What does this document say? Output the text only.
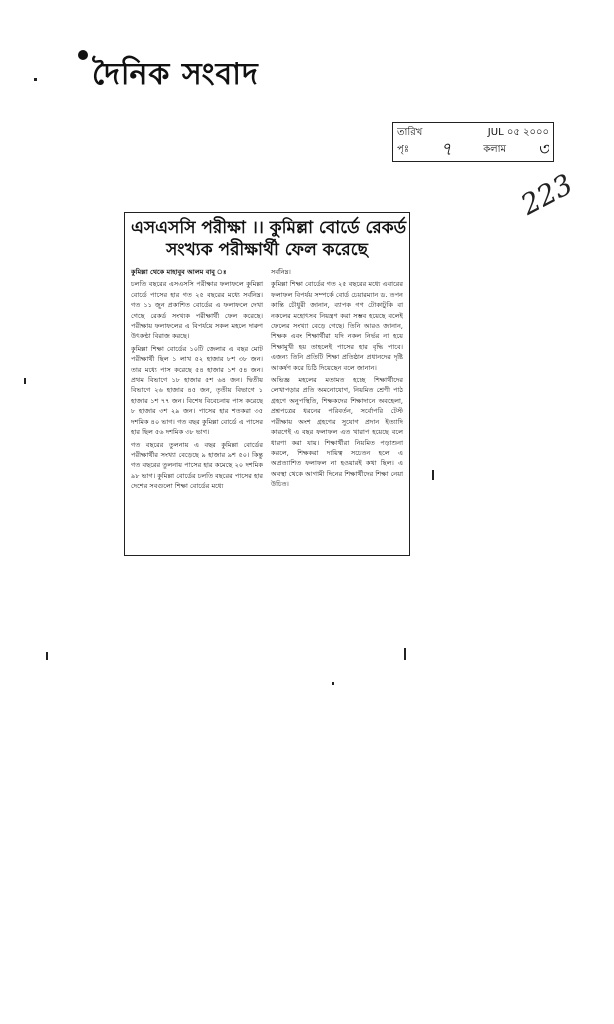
দৈনিক সংবাদ
তারিখ	JUL ০৫ ২০০০
পৃঃ ৭	কলাম ৩
223
এসএসসি পরীক্ষা ।। কুমিল্লা বোর্ডে রেকর্ড
সংখ্যক পরীক্ষার্থী ফেল করেছে

কুমিল্লা থেকে মাহাবুব আলম বাবু ঃ

চলতি বছরের এসএসসি পরীক্ষার ফলাফলে কুমিল্লা বোর্ডে পাসের হার গত ২৫ বছরের মধ্যে সর্বনিম্ন। গত ১১ জুন প্রকাশিত বোর্ডের এ ফলাফলে দেখা গেছে রেকর্ড সংখ্যক পরীক্ষার্থী ফেল করেছে। পরীক্ষায় ফলাফলের এ বিপর্যয়ে সকল মহলে দারুণ উৎকণ্ঠা বিরাজ করছে।

কুমিল্লা শিক্ষা বোর্ডের ১০টি জেলার এ বছর মোট পরীক্ষার্থী ছিল ১ লাখ ৫২ হাজার ৮শ ৩৮ জন। তার মধ্যে পাস করেছে ৫৪ হাজার ১শ ৫৪ জন। প্রথম বিভাগে ১৮ হাজার ৫শ ৬৪ জন। দ্বিতীয় বিভাগে ২৬ হাজার ৪৫ জন, তৃতীয় বিভাগে ১ হাজার ১শ ৭৭ জন। বিশেষ বিবেচনায় পাস করেছে ৮ হাজার ৩শ ২৯ জন। পাসের হার শতকরা ৩৫ দশমিক ৪০ ভাগ। গত বছর কুমিল্লা বোর্ডে এ পাসের হার ছিল ৫৬ দশমিক ৩৮ ভাগ।

গত বছরের তুলনায় এ বছর কুমিল্লা বোর্ডের পরীক্ষার্থীর সংখ্যা বেড়েছে ৯ হাজার ৯শ ৫০। কিন্তু গত বছরের তুলনায় পাসের হার কমেছে ২০ দশমিক ৯৮ ভাগ। কুমিল্লা বোর্ডের চলতি বছরের পাসের হার দেশের সবগুলো শিক্ষা বোর্ডের মধ্যে

সর্বনিম্ন।

কুমিল্লা শিক্ষা বোর্ডের গত ২৫ বছরের মধ্যে এবারের ফলাফল বিপর্যয় সম্পর্কে বোর্ড চেয়ারম্যান ড. তপন কান্তি চৌধুরী জানান, ব্যাপক গণ টোকাটুকি বা নকলের মহোৎসব নিয়ন্ত্রণ করা সম্ভব হয়েছে বলেই ফেলের সংখ্যা বেড়ে গেছে। তিনি আরও জানান, শিক্ষক এবং শিক্ষার্থীরা যদি নকল নির্ভর না হয়ে শিক্ষামুখী হয় তাহলেই পাসের হার বৃদ্ধি পাবে। এজন্য তিনি প্রতিটি শিক্ষা প্রতিষ্ঠান প্রধানদের দৃষ্টি আকর্ষণ করে চিঠি দিয়েছেন বলে জানান।

অভিজ্ঞ মহলের মতামত হচ্ছে শিক্ষার্থীদের লেখাপড়ার প্রতি অমনোযোগ, নিয়মিত শ্রেণী পাঠ গ্রহণে অনুপস্থিতি, শিক্ষকদের শিক্ষাদানে অবহেলা, প্রশ্নপত্রের ধরনের পরিবর্তন, সর্বোপরি টেস্ট পরীক্ষায় অংশ গ্রহণের সুযোগ প্রদান ইত্যাদি কারণেই এ বছর ফলাফল এত খারাপ হয়েছে বলে ধারণা করা যায়। শিক্ষার্থীরা নিয়মিত পড়াশুনা করলে, শিক্ষকরা দায়িত্ব সচেতন হলে এ অপ্রত্যাশিত ফলাফল না হওয়ারই কথা ছিল। এ অবস্থা থেকে আগামী দিনের শিক্ষার্থীদের শিক্ষা নেয়া উচিত।
